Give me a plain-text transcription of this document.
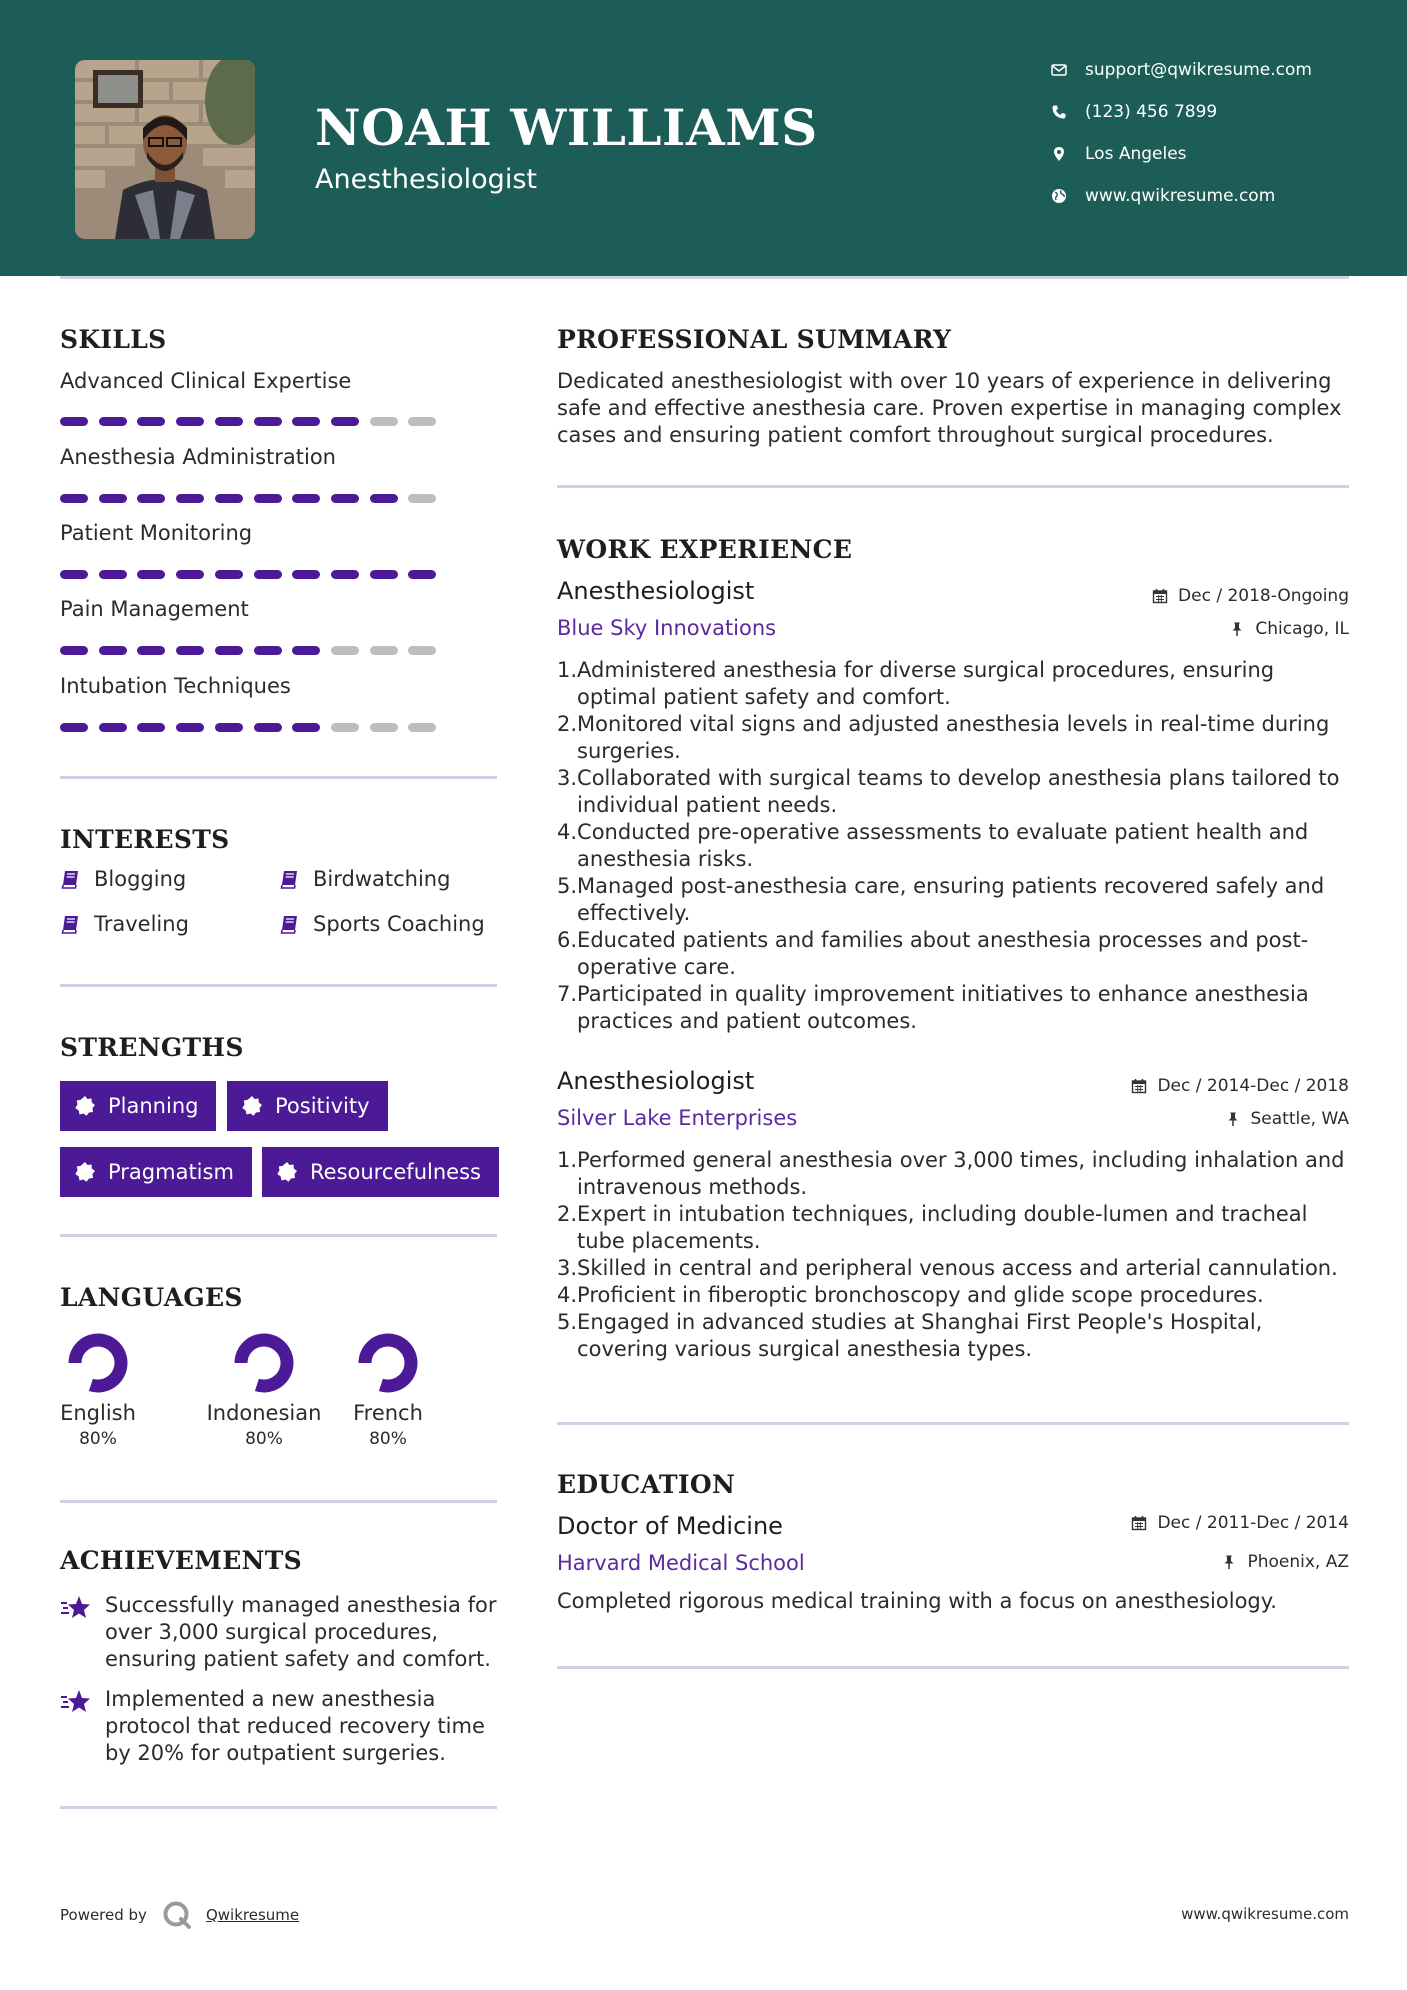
NOAH WILLIAMS
Anesthesiologist
support@qwikresume.com
(123) 456 7899
Los Angeles
www.qwikresume.com
SKILLS
Advanced Clinical Expertise
Anesthesia Administration
Patient Monitoring
Pain Management
Intubation Techniques
INTERESTS
Blogging	Birdwatching
Traveling	Sports Coaching
STRENGTHS
Planning	Positivity
Pragmatism	Resourcefulness
LANGUAGES
English
80%
Indonesian
80%
French
80%
ACHIEVEMENTS
Successfully managed anesthesia for over 3,000 surgical procedures, ensuring patient safety and comfort.
Implemented a new anesthesia protocol that reduced recovery time by 20% for outpatient surgeries.
PROFESSIONAL SUMMARY
Dedicated anesthesiologist with over 10 years of experience in delivering safe and effective anesthesia care. Proven expertise in managing complex cases and ensuring patient comfort throughout surgical procedures.
WORK EXPERIENCE
Anesthesiologist	Dec / 2018-Ongoing
Blue Sky Innovations	Chicago, IL
1. Administered anesthesia for diverse surgical procedures, ensuring optimal patient safety and comfort.
2. Monitored vital signs and adjusted anesthesia levels in real-time during surgeries.
3. Collaborated with surgical teams to develop anesthesia plans tailored to individual patient needs.
4. Conducted pre-operative assessments to evaluate patient health and anesthesia risks.
5. Managed post-anesthesia care, ensuring patients recovered safely and effectively.
6. Educated patients and families about anesthesia processes and post-operative care.
7. Participated in quality improvement initiatives to enhance anesthesia practices and patient outcomes.
Anesthesiologist	Dec / 2014-Dec / 2018
Silver Lake Enterprises	Seattle, WA
1. Performed general anesthesia over 3,000 times, including inhalation and intravenous methods.
2. Expert in intubation techniques, including double-lumen and tracheal tube placements.
3. Skilled in central and peripheral venous access and arterial cannulation.
4. Proficient in fiberoptic bronchoscopy and glide scope procedures.
5. Engaged in advanced studies at Shanghai First People's Hospital, covering various surgical anesthesia types.
EDUCATION
Doctor of Medicine	Dec / 2011-Dec / 2014
Harvard Medical School	Phoenix, AZ
Completed rigorous medical training with a focus on anesthesiology.
Powered by	Qwikresume	www.qwikresume.com
